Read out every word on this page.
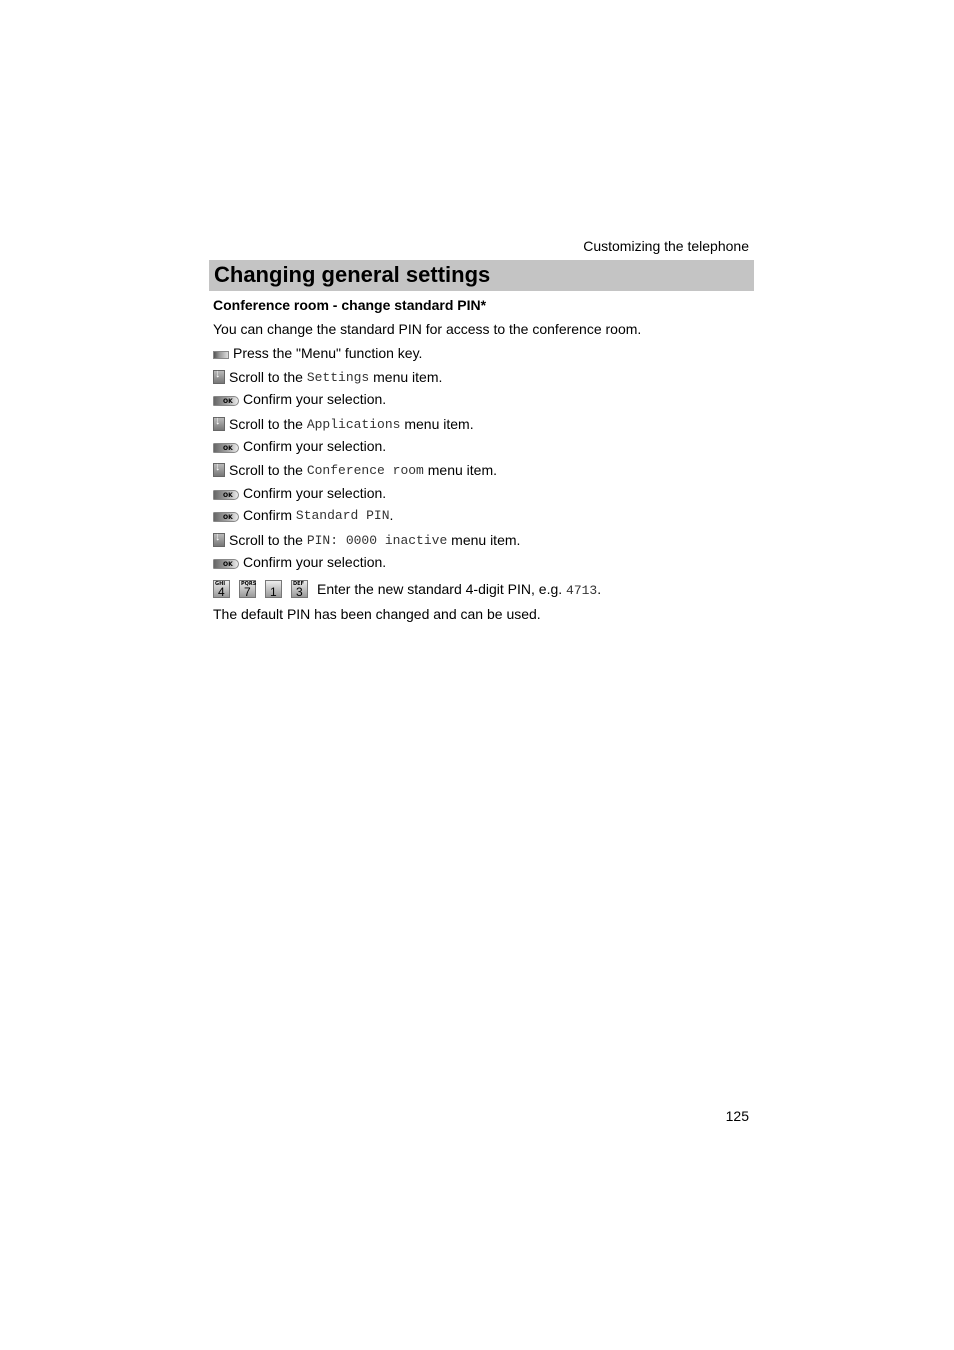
Customizing the telephone
Changing general settings
Conference room - change standard PIN*
You can change the standard PIN for access to the conference room.
Press the "Menu" function key.
↓
Scroll to the
Settings
menu item.
OK Confirm your selection.
↓
Scroll to the
Applications
menu item.
OK Confirm your selection.
↓
Scroll to the
Conference room
menu item.
OK Confirm your selection.
OK Confirm
Standard PIN .
↓
Scroll to the
PIN: 0000 inactive
menu item.
OK Confirm your selection.
GHI
4
PQRS
7 1
DEF
3 Enter the new standard 4-digit PIN, e.g. 4713.
The default PIN has been changed and can be used.
125
